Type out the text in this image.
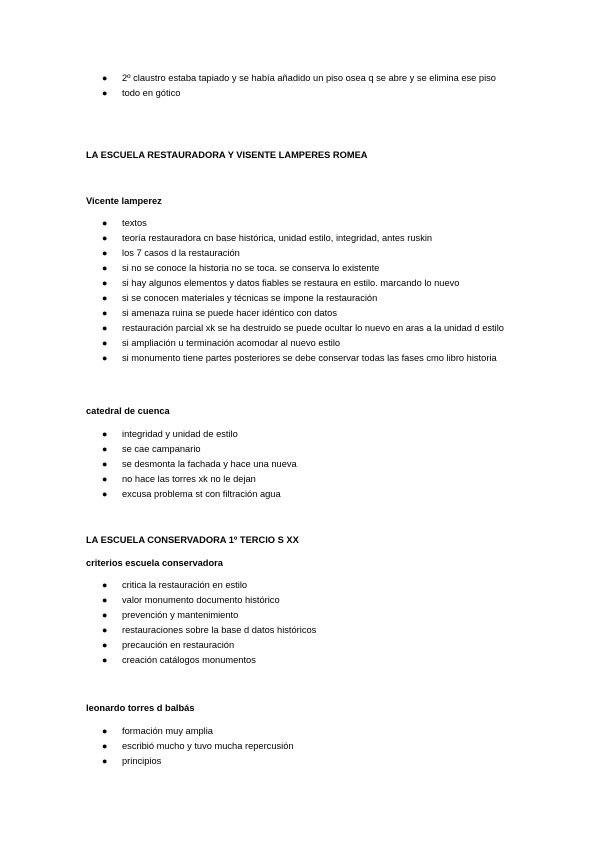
● 2º claustro estaba tapiado y se había añadido un piso osea q se abre y se elimina ese piso
● todo en gótico
LA ESCUELA RESTAURADORA Y VISENTE LAMPERES ROMEA
Vicente lamperez
● textos
● teoría restauradora cn base histórica, unidad estilo, integridad, antes ruskin
● los 7 casos d la restauración
● si no se conoce la historia no se toca. se conserva lo existente
● si hay algunos elementos y datos fiables se restaura en estilo. marcando lo nuevo
● si se conocen materiales y técnicas se impone la restauración
● si amenaza ruina se puede hacer idéntico con datos
● restauración parcial xk se ha destruido se puede ocultar lo nuevo en aras a la unidad d estilo
● si ampliación u terminación acomodar al nuevo estilo
● si monumento tiene partes posteriores se debe conservar todas las fases cmo libro historia
catedral de cuenca
● integridad y unidad de estilo
● se cae campanario
● se desmonta la fachada y hace una nueva
● no hace las torres xk no le dejan
● excusa problema st con filtración agua
LA ESCUELA CONSERVADORA 1º TERCIO S XX
criterios escuela conservadora
● critica la restauración en estilo
● valor monumento documento histórico
● prevención y mantenimiento
● restauraciones sobre la base d datos históricos
● precaución en restauración
● creación catálogos monumentos
leonardo torres d balbás
● formación muy amplia
● escribió mucho y tuvo mucha repercusión
● principios
